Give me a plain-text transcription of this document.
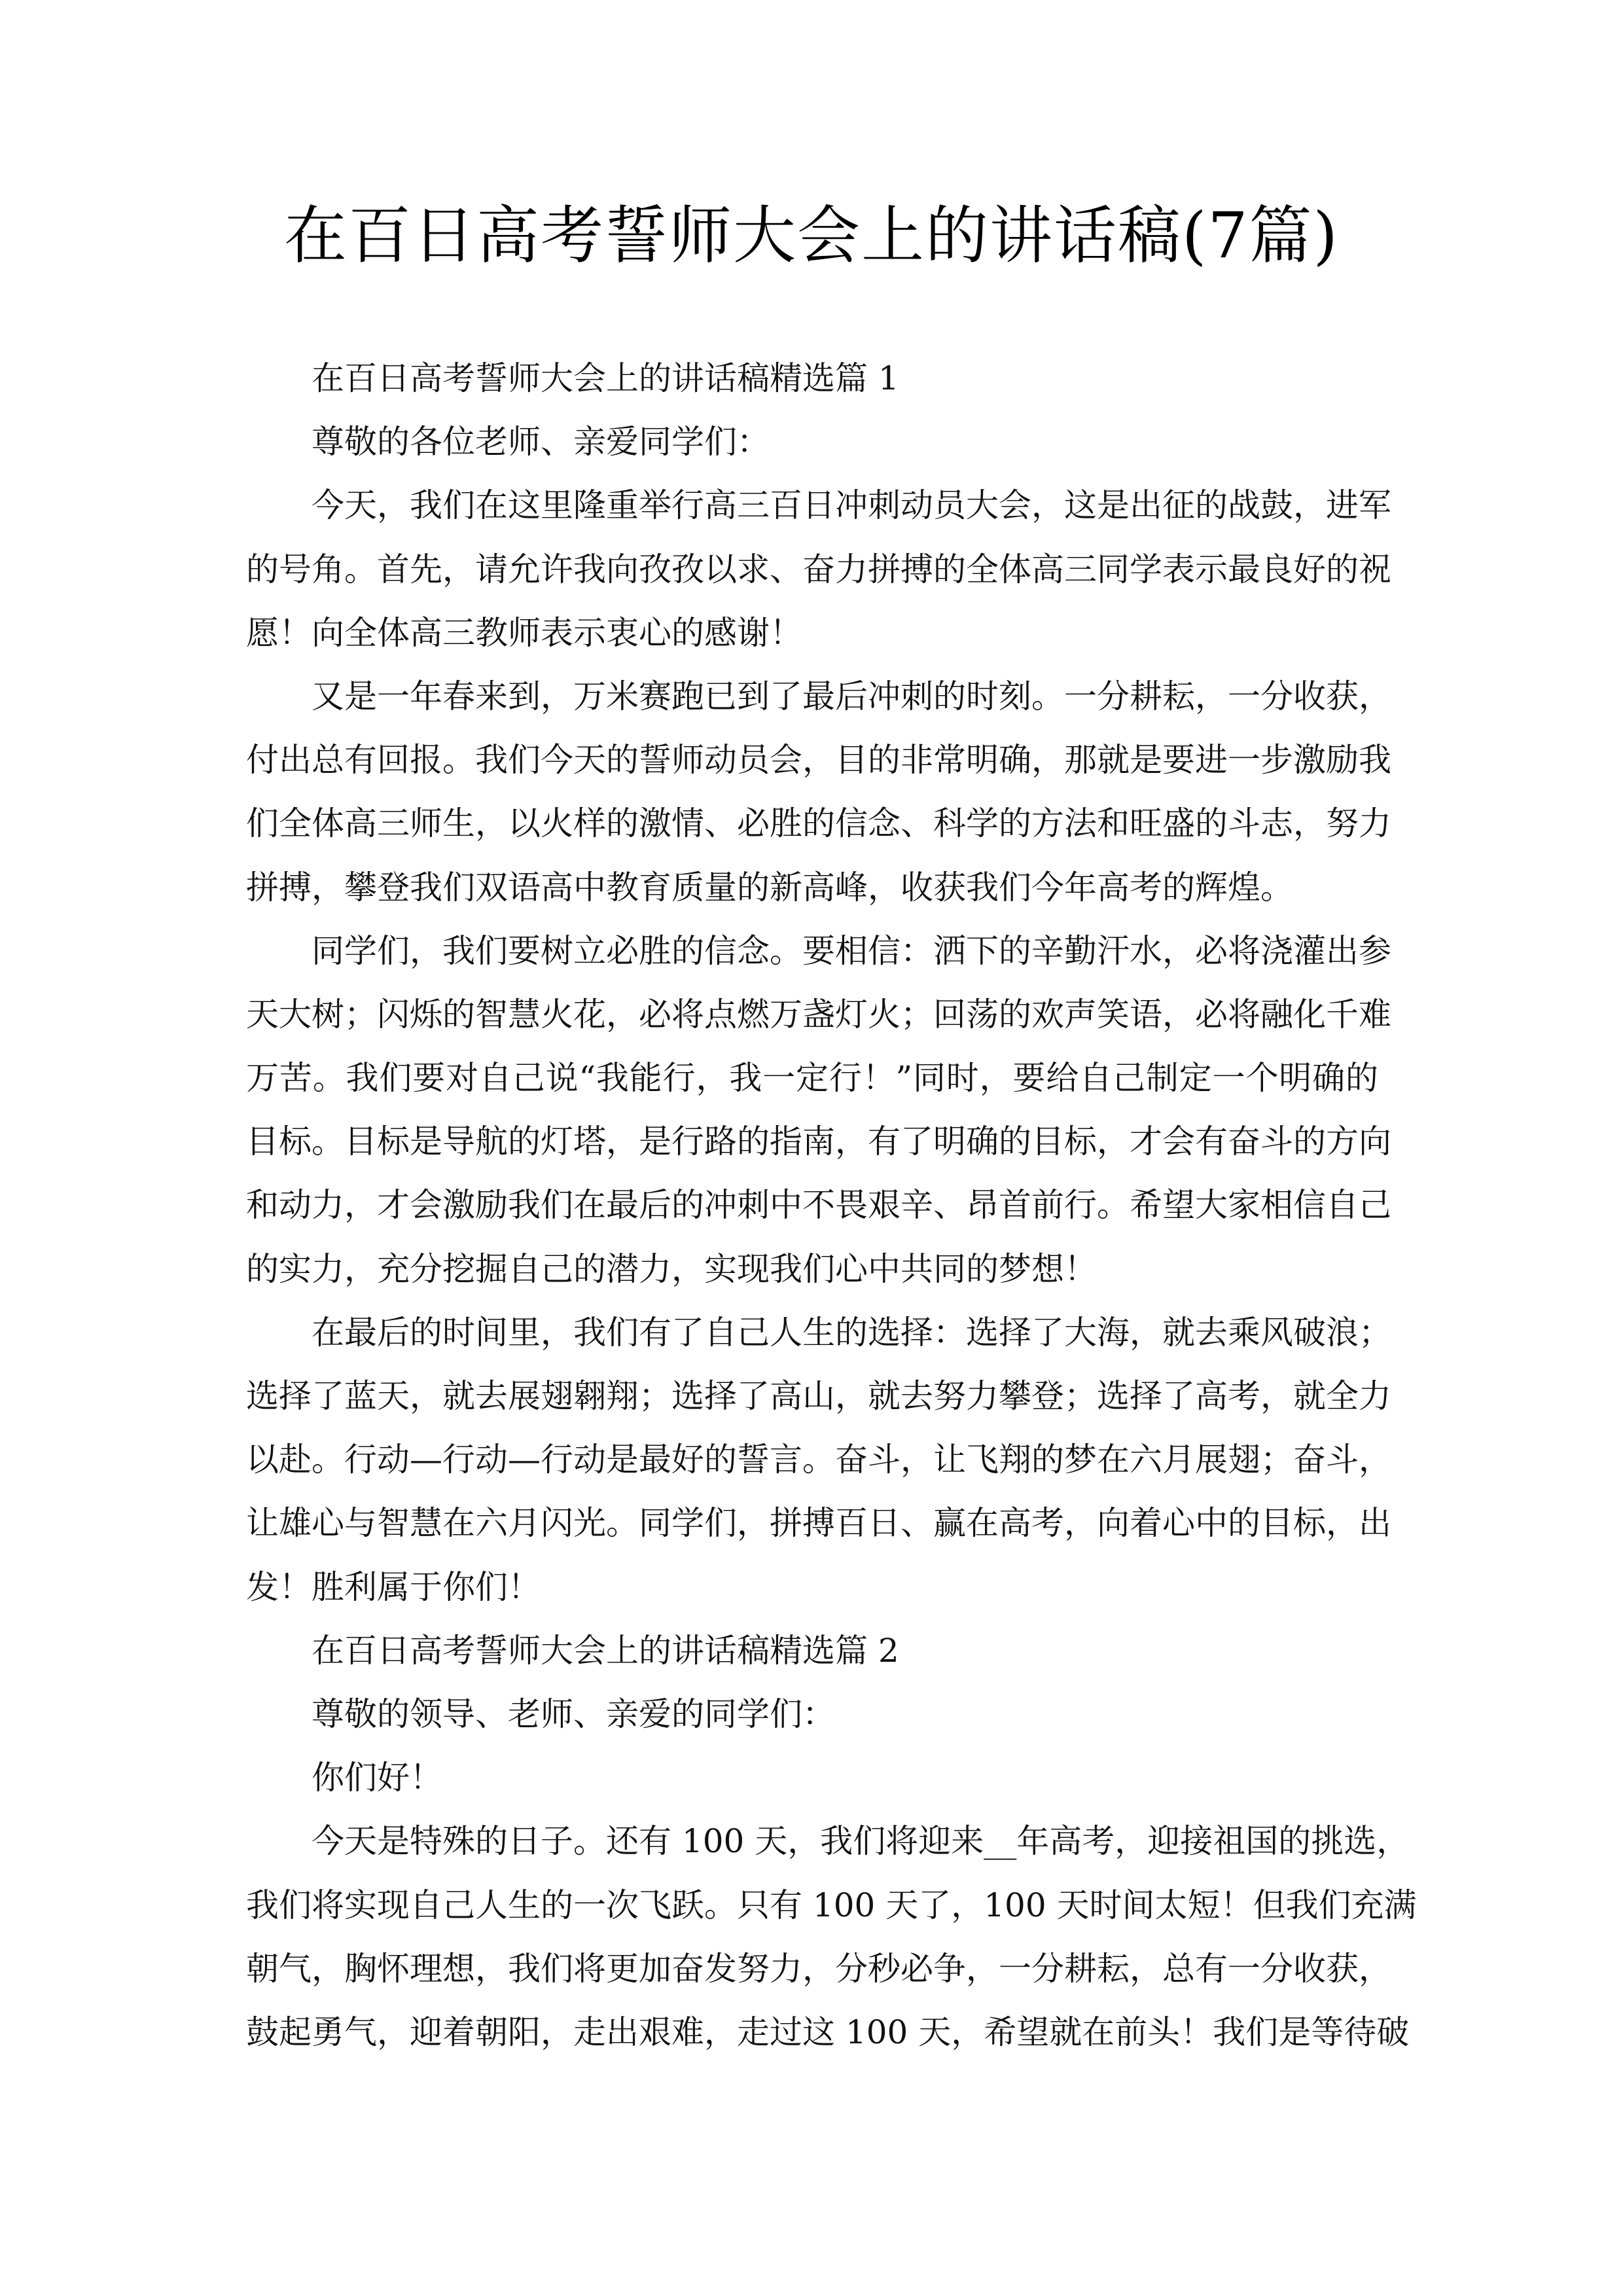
在百日高考誓师大会上的讲话稿(7篇)
在百日高考誓师大会上的讲话稿精选篇 1
尊敬的各位老师、亲爱同学们：
今天，我们在这里隆重举行高三百日冲刺动员大会，这是出征的战鼓，进军
的号角。首先，请允许我向孜孜以求、奋力拼搏的全体高三同学表示最良好的祝
愿！向全体高三教师表示衷心的感谢！
又是一年春来到，万米赛跑已到了最后冲刺的时刻。一分耕耘，一分收获，
付出总有回报。我们今天的誓师动员会，目的非常明确，那就是要进一步激励我
们全体高三师生，以火样的激情、必胜的信念、科学的方法和旺盛的斗志，努力
拼搏，攀登我们双语高中教育质量的新高峰，收获我们今年高考的辉煌。
同学们，我们要树立必胜的信念。要相信：洒下的辛勤汗水，必将浇灌出参
天大树；闪烁的智慧火花，必将点燃万盏灯火；回荡的欢声笑语，必将融化千难
万苦。我们要对自己说“我能行，我一定行！”同时，要给自己制定一个明确的
目标。目标是导航的灯塔，是行路的指南，有了明确的目标，才会有奋斗的方向
和动力，才会激励我们在最后的冲刺中不畏艰辛、昂首前行。希望大家相信自己
的实力，充分挖掘自己的潜力，实现我们心中共同的梦想！
在最后的时间里，我们有了自己人生的选择：选择了大海，就去乘风破浪；
选择了蓝天，就去展翅翱翔；选择了高山，就去努力攀登；选择了高考，就全力
以赴。行动—行动—行动是最好的誓言。奋斗，让飞翔的梦在六月展翅；奋斗，
让雄心与智慧在六月闪光。同学们，拼搏百日、赢在高考，向着心中的目标，出
发！胜利属于你们！
在百日高考誓师大会上的讲话稿精选篇 2
尊敬的领导、老师、亲爱的同学们：
你们好！
今天是特殊的日子。还有 100 天，我们将迎来__年高考，迎接祖国的挑选，
我们将实现自己人生的一次飞跃。只有 100 天了，100 天时间太短！但我们充满
朝气，胸怀理想，我们将更加奋发努力，分秒必争，一分耕耘，总有一分收获，
鼓起勇气，迎着朝阳，走出艰难，走过这 100 天，希望就在前头！我们是等待破
